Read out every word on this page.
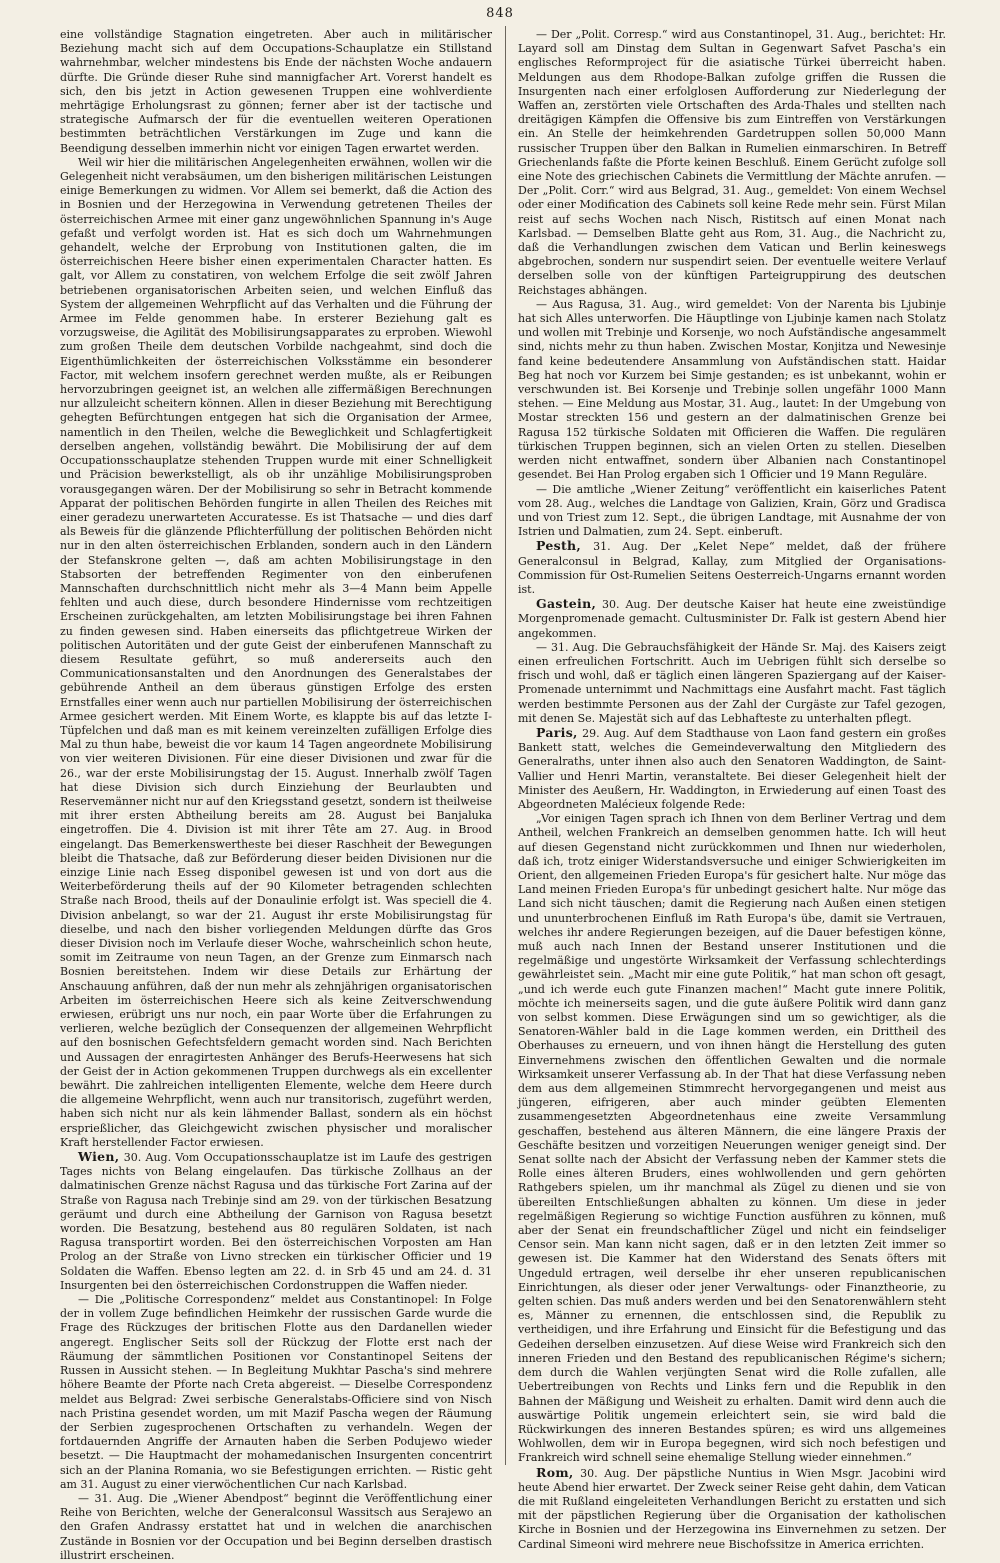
848

eine vollständige Stagnation eingetreten. Aber auch in militärischer Beziehung macht sich auf dem Occupations-Schauplatze ein Stillstand wahrnehmbar, welcher mindestens bis Ende der nächsten Woche andauern dürfte. Die Gründe dieser Ruhe sind mannigfacher Art. Vorerst handelt es sich, den bis jetzt in Action gewesenen Truppen eine wohlverdiente mehrtägige Erholungsrast zu gönnen; ferner aber ist der tactische und strategische Aufmarsch der für die eventuellen weiteren Operationen bestimmten beträchtlichen Verstärkungen im Zuge und kann die Beendigung desselben immerhin nicht vor einigen Tagen erwartet werden.

Weil wir hier die militärischen Angelegenheiten erwähnen, wollen wir die Gelegenheit nicht verabsäumen, um den bisherigen militärischen Leistungen einige Bemerkungen zu widmen. Vor Allem sei bemerkt, daß die Action des in Bosnien und der Herzegowina in Verwendung getretenen Theiles der österreichischen Armee mit einer ganz ungewöhnlichen Spannung in's Auge gefaßt und verfolgt worden ist. Hat es sich doch um Wahrnehmungen gehandelt, welche der Erprobung von Institutionen galten, die im österreichischen Heere bisher einen experimentalen Character hatten. Es galt, vor Allem zu constatiren, von welchem Erfolge die seit zwölf Jahren betriebenen organisatorischen Arbeiten seien, und welchen Einfluß das System der allgemeinen Wehrpflicht auf das Verhalten und die Führung der Armee im Felde genommen habe. In ersterer Beziehung galt es vorzugsweise, die Agilität des Mobilisirungsapparates zu erproben. Wiewohl zum großen Theile dem deutschen Vorbilde nachgeahmt, sind doch die Eigenthümlichkeiten der österreichischen Volksstämme ein besonderer Factor, mit welchem insofern gerechnet werden mußte, als er Reibungen hervorzubringen geeignet ist, an welchen alle ziffermäßigen Berechnungen nur allzuleicht scheitern können. Allen in dieser Beziehung mit Berechtigung gehegten Befürchtungen entgegen hat sich die Organisation der Armee, namentlich in den Theilen, welche die Beweglichkeit und Schlagfertigkeit derselben angehen, vollständig bewährt. Die Mobilisirung der auf dem Occupationsschauplatze stehenden Truppen wurde mit einer Schnelligkeit und Präcision bewerkstelligt, als ob ihr unzählige Mobilisirungsproben vorausgegangen wären. Der der Mobilisirung so sehr in Betracht kommende Apparat der politischen Behörden fungirte in allen Theilen des Reiches mit einer geradezu unerwarteten Accuratesse. Es ist Thatsache — und dies darf als Beweis für die glänzende Pflichterfüllung der politischen Behörden nicht nur in den alten österreichischen Erblanden, sondern auch in den Ländern der Stefanskrone gelten —, daß am achten Mobilisirungstage in den Stabsorten der betreffenden Regimenter von den einberufenen Mannschaften durchschnittlich nicht mehr als 3—4 Mann beim Appelle fehlten und auch diese, durch besondere Hindernisse vom rechtzeitigen Erscheinen zurückgehalten, am letzten Mobilisirungstage bei ihren Fahnen zu finden gewesen sind. Haben einerseits das pflichtgetreue Wirken der politischen Autoritäten und der gute Geist der einberufenen Mannschaft zu diesem Resultate geführt, so muß andererseits auch den Communicationsanstalten und den Anordnungen des Generalstabes der gebührende Antheil an dem überaus günstigen Erfolge des ersten Ernstfalles einer wenn auch nur partiellen Mobilisirung der österreichischen Armee gesichert werden. Mit Einem Worte, es klappte bis auf das letzte I-Tüpfelchen und daß man es mit keinem vereinzelten zufälligen Erfolge dies Mal zu thun habe, beweist die vor kaum 14 Tagen angeordnete Mobilisirung von vier weiteren Divisionen. Für eine dieser Divisionen und zwar für die 26., war der erste Mobilisirungstag der 15. August. Innerhalb zwölf Tagen hat diese Division sich durch Einziehung der Beurlaubten und Reservemänner nicht nur auf den Kriegsstand gesetzt, sondern ist theilweise mit ihrer ersten Abtheilung bereits am 28. August bei Banjaluka eingetroffen. Die 4. Division ist mit ihrer Tête am 27. Aug. in Brood eingelangt. Das Bemerkenswertheste bei dieser Raschheit der Bewegungen bleibt die Thatsache, daß zur Beförderung dieser beiden Divisionen nur die einzige Linie nach Esseg disponibel gewesen ist und von dort aus die Weiterbeförderung theils auf der 90 Kilometer betragenden schlechten Straße nach Brood, theils auf der Donaulinie erfolgt ist. Was speciell die 4. Division anbelangt, so war der 21. August ihr erste Mobilisirungstag für dieselbe, und nach den bisher vorliegenden Meldungen dürfte das Gros dieser Division noch im Verlaufe dieser Woche, wahrscheinlich schon heute, somit im Zeitraume von neun Tagen, an der Grenze zum Einmarsch nach Bosnien bereitstehen. Indem wir diese Details zur Erhärtung der Anschauung anführen, daß der nun mehr als zehnjährigen organisatorischen Arbeiten im österreichischen Heere sich als keine Zeitverschwendung erwiesen, erübrigt uns nur noch, ein paar Worte über die Erfahrungen zu verlieren, welche bezüglich der Consequenzen der allgemeinen Wehrpflicht auf den bosnischen Gefechtsfeldern gemacht worden sind. Nach Berichten und Aussagen der enragirtesten Anhänger des Berufs-Heerwesens hat sich der Geist der in Action gekommenen Truppen durchwegs als ein excellenter bewährt. Die zahlreichen intelligenten Elemente, welche dem Heere durch die allgemeine Wehrpflicht, wenn auch nur transitorisch, zugeführt werden, haben sich nicht nur als kein lähmender Ballast, sondern als ein höchst ersprießlicher, das Gleichgewicht zwischen physischer und moralischer Kraft herstellender Factor erwiesen.

Wien, 30. Aug. Vom Occupationsschauplatze ist im Laufe des gestrigen Tages nichts von Belang eingelaufen. Das türkische Zollhaus an der dalmatinischen Grenze nächst Ragusa und das türkische Fort Zarina auf der Straße von Ragusa nach Trebinje sind am 29. von der türkischen Besatzung geräumt und durch eine Abtheilung der Garnison von Ragusa besetzt worden. Die Besatzung, bestehend aus 80 regulären Soldaten, ist nach Ragusa transportirt worden. Bei den österreichischen Vorposten am Han Prolog an der Straße von Livno strecken ein türkischer Officier und 19 Soldaten die Waffen. Ebenso legten am 22. d. in Srb 45 und am 24. d. 31 Insurgenten bei den österreichischen Cordonstruppen die Waffen nieder.

— Die „Politische Correspondenz“ meldet aus Constantinopel: In Folge der in vollem Zuge befindlichen Heimkehr der russischen Garde wurde die Frage des Rückzuges der britischen Flotte aus den Dardanellen wieder angeregt. Englischer Seits soll der Rückzug der Flotte erst nach der Räumung der sämmtlichen Positionen vor Constantinopel Seitens der Russen in Aussicht stehen. — In Begleitung Mukhtar Pascha's sind mehrere höhere Beamte der Pforte nach Creta abgereist. — Dieselbe Correspondenz meldet aus Belgrad: Zwei serbische Generalstabs-Officiere sind von Nisch nach Pristina gesendet worden, um mit Mazif Pascha wegen der Räumung der Serbien zugesprochenen Ortschaften zu verhandeln. Wegen der fortdauernden Angriffe der Arnauten haben die Serben Podujewo wieder besetzt. — Die Hauptmacht der mohamedanischen Insurgenten concentrirt sich an der Planina Romania, wo sie Befestigungen errichten. — Ristic geht am 31. August zu einer vierwöchentlichen Cur nach Karlsbad.

— 31. Aug. Die „Wiener Abendpost“ beginnt die Veröffentlichung einer Reihe von Berichten, welche der Generalconsul Wassitsch aus Serajewo an den Grafen Andrassy erstattet hat und in welchen die anarchischen Zustände in Bosnien vor der Occupation und bei Beginn derselben drastisch illustrirt erscheinen.

— Der „Polit. Corresp.“ wird aus Constantinopel, 31. Aug., berichtet: Hr. Layard soll am Dinstag dem Sultan in Gegenwart Safvet Pascha's ein englisches Reformproject für die asiatische Türkei überreicht haben. Meldungen aus dem Rhodope-Balkan zufolge griffen die Russen die Insurgenten nach einer erfolglosen Aufforderung zur Niederlegung der Waffen an, zerstörten viele Ortschaften des Arda-Thales und stellten nach dreitägigen Kämpfen die Offensive bis zum Eintreffen von Verstärkungen ein. An Stelle der heimkehrenden Gardetruppen sollen 50,000 Mann russischer Truppen über den Balkan in Rumelien einmarschiren. In Betreff Griechenlands faßte die Pforte keinen Beschluß. Einem Gerücht zufolge soll eine Note des griechischen Cabinets die Vermittlung der Mächte anrufen. — Der „Polit. Corr.“ wird aus Belgrad, 31. Aug., gemeldet: Von einem Wechsel oder einer Modification des Cabinets soll keine Rede mehr sein. Fürst Milan reist auf sechs Wochen nach Nisch, Ristitsch auf einen Monat nach Karlsbad. — Demselben Blatte geht aus Rom, 31. Aug., die Nachricht zu, daß die Verhandlungen zwischen dem Vatican und Berlin keineswegs abgebrochen, sondern nur suspendirt seien. Der eventuelle weitere Verlauf derselben solle von der künftigen Parteigruppirung des deutschen Reichstages abhängen.

— Aus Ragusa, 31. Aug., wird gemeldet: Von der Narenta bis Ljubinje hat sich Alles unterworfen. Die Häuptlinge von Ljubinje kamen nach Stolatz und wollen mit Trebinje und Korsenje, wo noch Aufständische angesammelt sind, nichts mehr zu thun haben. Zwischen Mostar, Konjitza und Newesinje fand keine bedeutendere Ansammlung von Aufständischen statt. Haidar Beg hat noch vor Kurzem bei Simje gestanden; es ist unbekannt, wohin er verschwunden ist. Bei Korsenje und Trebinje sollen ungefähr 1000 Mann stehen. — Eine Meldung aus Mostar, 31. Aug., lautet: In der Umgebung von Mostar streckten 156 und gestern an der dalmatinischen Grenze bei Ragusa 152 türkische Soldaten mit Officieren die Waffen. Die regulären türkischen Truppen beginnen, sich an vielen Orten zu stellen. Dieselben werden nicht entwaffnet, sondern über Albanien nach Constantinopel gesendet. Bei Han Prolog ergaben sich 1 Officier und 19 Mann Reguläre.

— Die amtliche „Wiener Zeitung“ veröffentlicht ein kaiserliches Patent vom 28. Aug., welches die Landtage von Galizien, Krain, Görz und Gradisca und von Triest zum 12. Sept., die übrigen Landtage, mit Ausnahme der von Istrien und Dalmatien, zum 24. Sept. einberuft.

Pesth, 31. Aug. Der „Kelet Nepe“ meldet, daß der frühere Generalconsul in Belgrad, Kallay, zum Mitglied der Organisations-Commission für Ost-Rumelien Seitens Oesterreich-Ungarns ernannt worden ist.

Gastein, 30. Aug. Der deutsche Kaiser hat heute eine zweistündige Morgenpromenade gemacht. Cultusminister Dr. Falk ist gestern Abend hier angekommen.

— 31. Aug. Die Gebrauchsfähigkeit der Hände Sr. Maj. des Kaisers zeigt einen erfreulichen Fortschritt. Auch im Uebrigen fühlt sich derselbe so frisch und wohl, daß er täglich einen längeren Spaziergang auf der Kaiser-Promenade unternimmt und Nachmittags eine Ausfahrt macht. Fast täglich werden bestimmte Personen aus der Zahl der Curgäste zur Tafel gezogen, mit denen Se. Majestät sich auf das Lebhafteste zu unterhalten pflegt.

Paris, 29. Aug. Auf dem Stadthause von Laon fand gestern ein großes Bankett statt, welches die Gemeindeverwaltung den Mitgliedern des Generalraths, unter ihnen also auch den Senatoren Waddington, de Saint-Vallier und Henri Martin, veranstaltete. Bei dieser Gelegenheit hielt der Minister des Aeußern, Hr. Waddington, in Erwiederung auf einen Toast des Abgeordneten Malécieux folgende Rede:

„Vor einigen Tagen sprach ich Ihnen von dem Berliner Vertrag und dem Antheil, welchen Frankreich an demselben genommen hatte. Ich will heut auf diesen Gegenstand nicht zurückkommen und Ihnen nur wiederholen, daß ich, trotz einiger Widerstandsversuche und einiger Schwierigkeiten im Orient, den allgemeinen Frieden Europa's für gesichert halte. Nur möge das Land meinen Frieden Europa's für unbedingt gesichert halte. Nur möge das Land sich nicht täuschen; damit die Regierung nach Außen einen stetigen und ununterbrochenen Einfluß im Rath Europa's übe, damit sie Vertrauen, welches ihr andere Regierungen bezeigen, auf die Dauer befestigen könne, muß auch nach Innen der Bestand unserer Institutionen und die regelmäßige und ungestörte Wirksamkeit der Verfassung schlechterdings gewährleistet sein. „Macht mir eine gute Politik,“ hat man schon oft gesagt, „und ich werde euch gute Finanzen machen!“ Macht gute innere Politik, möchte ich meinerseits sagen, und die gute äußere Politik wird dann ganz von selbst kommen. Diese Erwägungen sind um so gewichtiger, als die Senatoren-Wähler bald in die Lage kommen werden, ein Drittheil des Oberhauses zu erneuern, und von ihnen hängt die Herstellung des guten Einvernehmens zwischen den öffentlichen Gewalten und die normale Wirksamkeit unserer Verfassung ab. In der That hat diese Verfassung neben dem aus dem allgemeinen Stimmrecht hervorgegangenen und meist aus jüngeren, eifrigeren, aber auch minder geübten Elementen zusammengesetzten Abgeordnetenhaus eine zweite Versammlung geschaffen, bestehend aus älteren Männern, die eine längere Praxis der Geschäfte besitzen und vorzeitigen Neuerungen weniger geneigt sind. Der Senat sollte nach der Absicht der Verfassung neben der Kammer stets die Rolle eines älteren Bruders, eines wohlwollenden und gern gehörten Rathgebers spielen, um ihr manchmal als Zügel zu dienen und sie von übereilten Entschließungen abhalten zu können. Um diese in jeder regelmäßigen Regierung so wichtige Function ausführen zu können, muß aber der Senat ein freundschaftlicher Zügel und nicht ein feindseliger Censor sein. Man kann nicht sagen, daß er in den letzten Zeit immer so gewesen ist. Die Kammer hat den Widerstand des Senats öfters mit Ungeduld ertragen, weil derselbe ihr eher unseren republicanischen Einrichtungen, als dieser oder jener Verwaltungs- oder Finanztheorie, zu gelten schien. Das muß anders werden und bei den Senatorenwählern steht es, Männer zu ernennen, die entschlossen sind, die Republik zu vertheidigen, und ihre Erfahrung und Einsicht für die Befestigung und das Gedeihen derselben einzusetzen. Auf diese Weise wird Frankreich sich den inneren Frieden und den Bestand des republicanischen Régime's sichern; dem durch die Wahlen verjüngten Senat wird die Rolle zufallen, alle Uebertreibungen von Rechts und Links fern und die Republik in den Bahnen der Mäßigung und Weisheit zu erhalten. Damit wird denn auch die auswärtige Politik ungemein erleichtert sein, sie wird bald die Rückwirkungen des inneren Bestandes spüren; es wird uns allgemeines Wohlwollen, dem wir in Europa begegnen, wird sich noch befestigen und Frankreich wird schnell seine ehemalige Stellung wieder einnehmen.“

Rom, 30. Aug. Der päpstliche Nuntius in Wien Msgr. Jacobini wird heute Abend hier erwartet. Der Zweck seiner Reise geht dahin, dem Vatican die mit Rußland eingeleiteten Verhandlungen Bericht zu erstatten und sich mit der päpstlichen Regierung über die Organisation der katholischen Kirche in Bosnien und der Herzegowina ins Einvernehmen zu setzen. Der Cardinal Simeoni wird mehrere neue Bischofssitze in America errichten.
